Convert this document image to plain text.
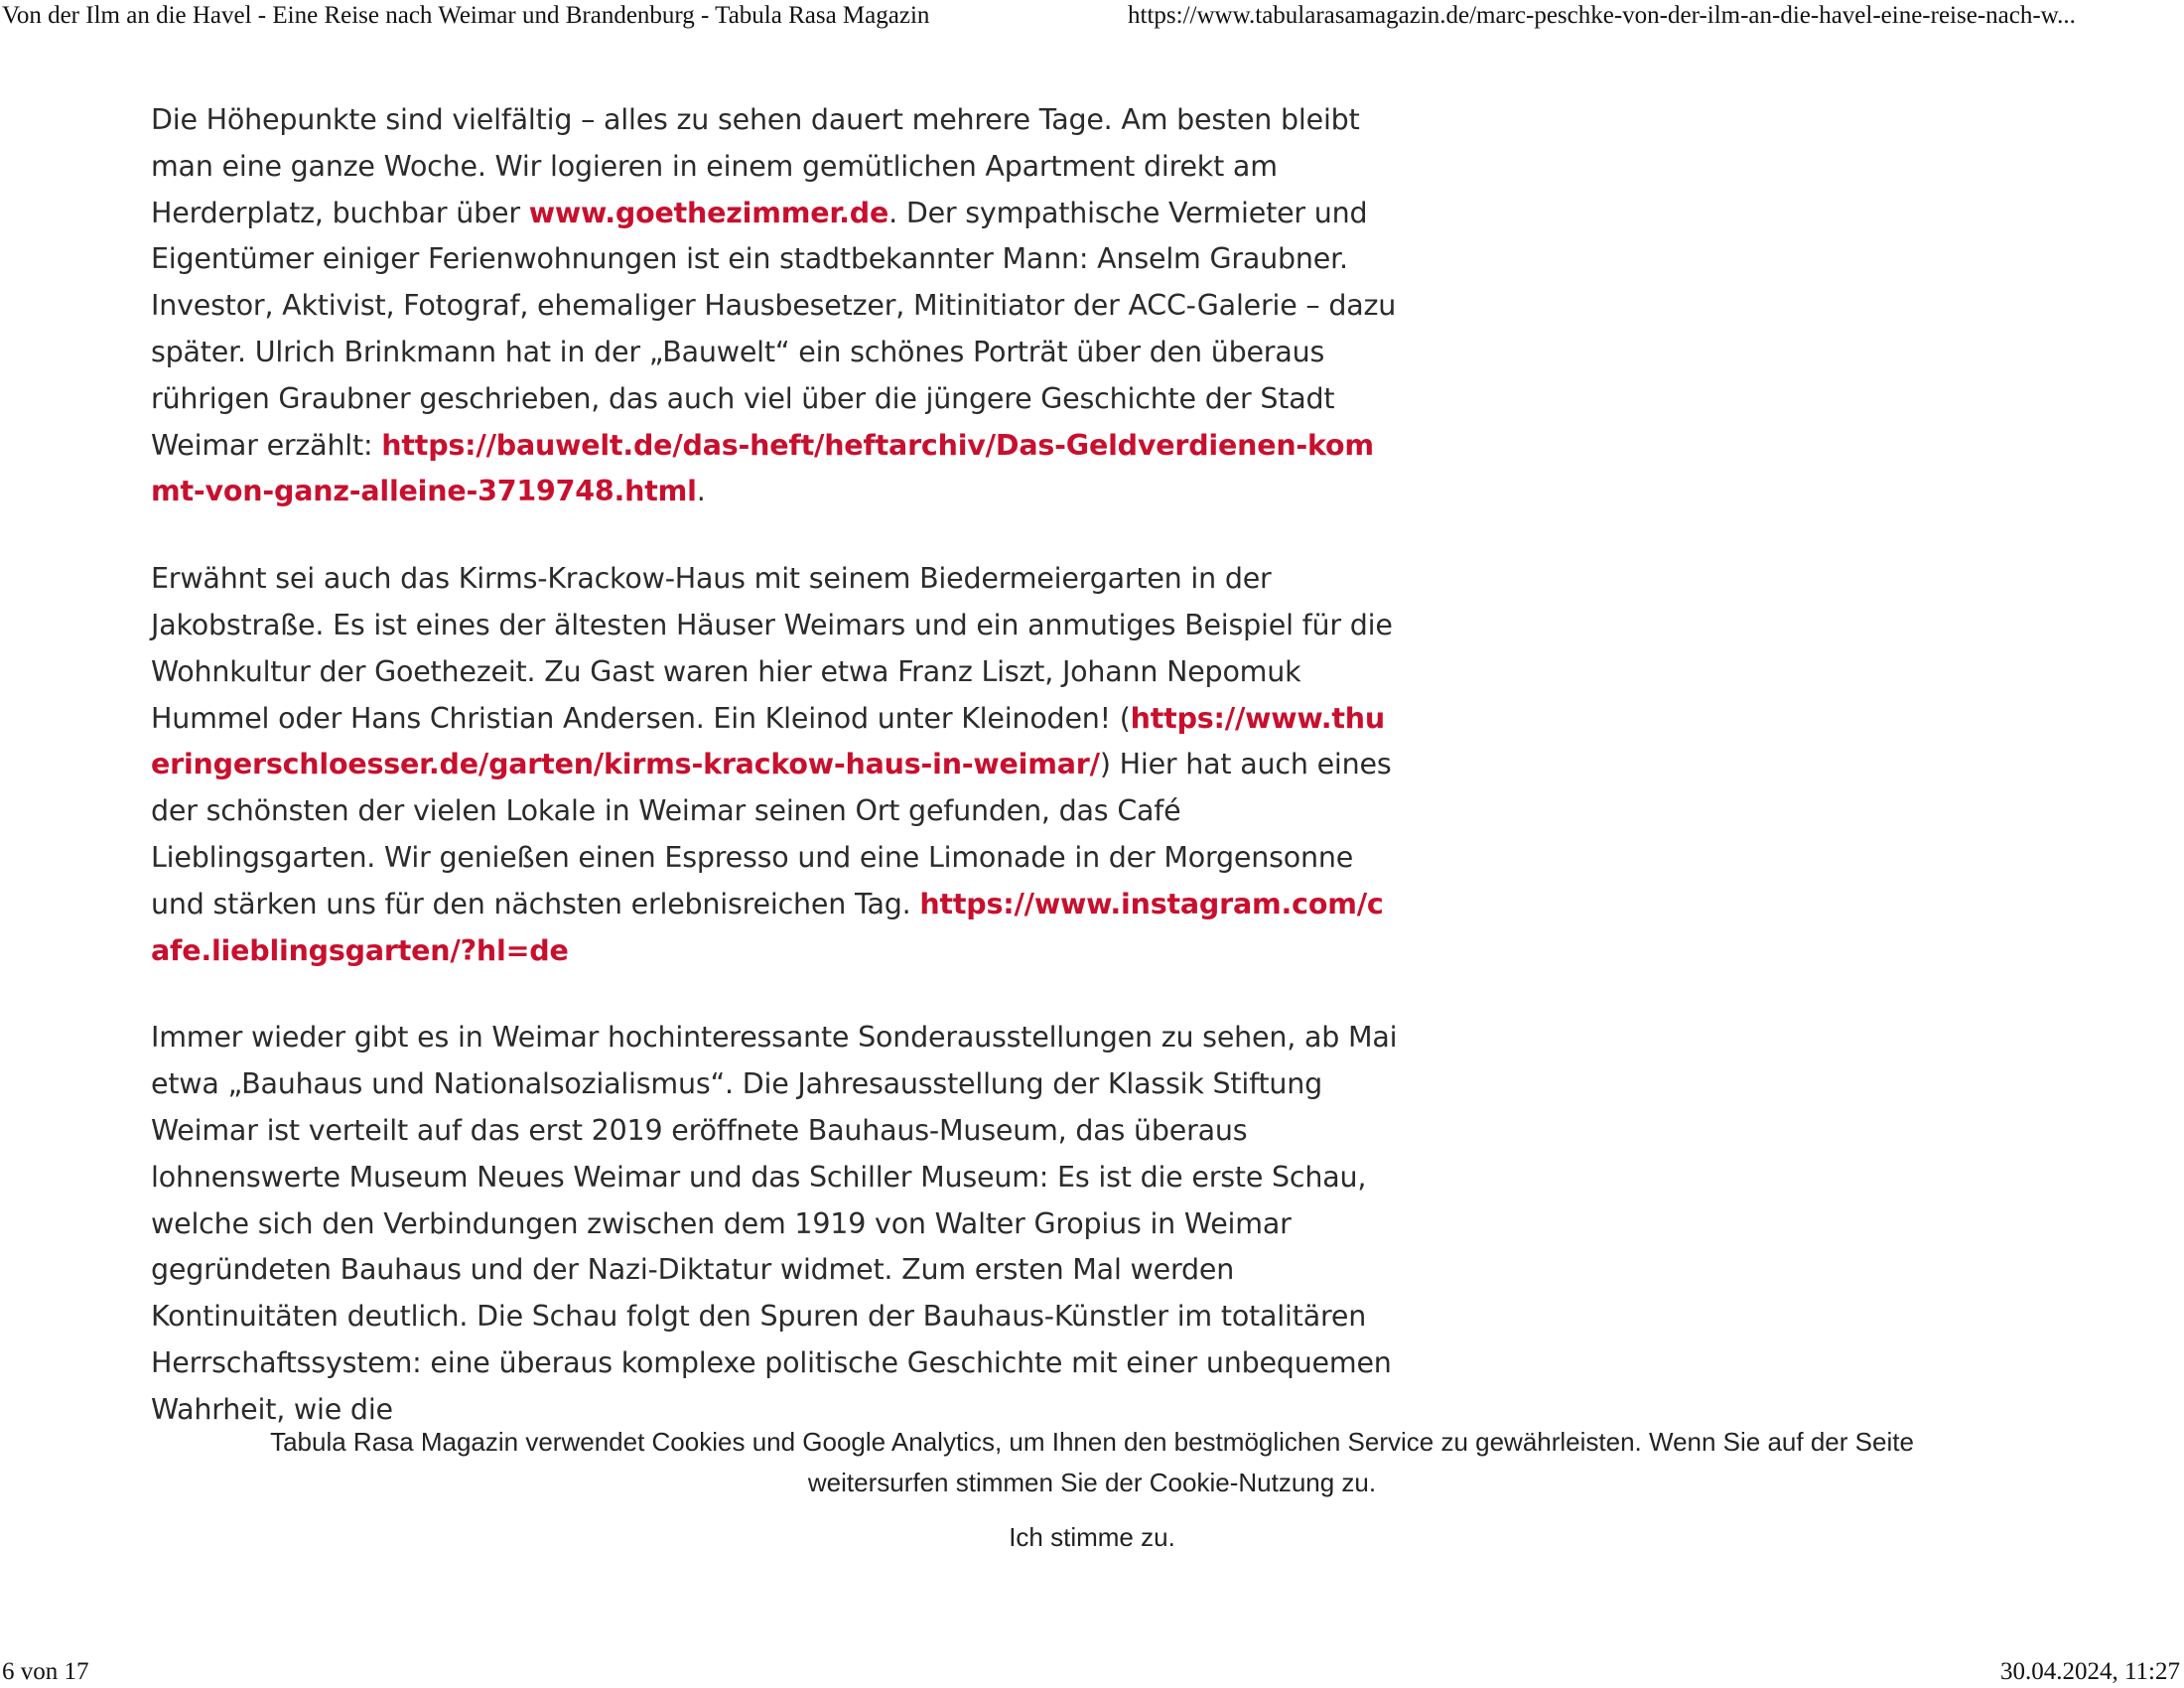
Von der Ilm an die Havel - Eine Reise nach Weimar und Brandenburg - Tabula Rasa Magazin	https://www.tabularasamagazin.de/marc-peschke-von-der-ilm-an-die-havel-eine-reise-nach-w...

Die Höhepunkte sind vielfältig – alles zu sehen dauert mehrere Tage. Am besten bleibt man eine ganze Woche. Wir logieren in einem gemütlichen Apartment direkt am Herderplatz, buchbar über www.goethezimmer.de. Der sympathische Vermieter und Eigentümer einiger Ferienwohnungen ist ein stadtbekannter Mann: Anselm Graubner. Investor, Aktivist, Fotograf, ehemaliger Hausbesetzer, Mitinitiator der ACC-Galerie – dazu später. Ulrich Brinkmann hat in der „Bauwelt“ ein schönes Porträt über den überaus rührigen Graubner geschrieben, das auch viel über die jüngere Geschichte der Stadt Weimar erzählt: https://bauwelt.de/das-heft/heftarchiv/Das-Geldverdienen-kommt-von-ganz-alleine-3719748.html.

Erwähnt sei auch das Kirms-Krackow-Haus mit seinem Biedermeiergarten in der Jakobstraße. Es ist eines der ältesten Häuser Weimars und ein anmutiges Beispiel für die Wohnkultur der Goethezeit. Zu Gast waren hier etwa Franz Liszt, Johann Nepomuk Hummel oder Hans Christian Andersen. Ein Kleinod unter Kleinoden! (https://www.thueringerschloesser.de/garten/kirms-krackow-haus-in-weimar/) Hier hat auch eines der schönsten der vielen Lokale in Weimar seinen Ort gefunden, das Café Lieblingsgarten. Wir genießen einen Espresso und eine Limonade in der Morgensonne und stärken uns für den nächsten erlebnisreichen Tag. https://www.instagram.com/cafe.lieblingsgarten/?hl=de

Immer wieder gibt es in Weimar hochinteressante Sonderausstellungen zu sehen, ab Mai etwa „Bauhaus und Nationalsozialismus“. Die Jahresausstellung der Klassik Stiftung Weimar ist verteilt auf das erst 2019 eröffnete Bauhaus-Museum, das überaus lohnenswerte Museum Neues Weimar und das Schiller Museum: Es ist die erste Schau, welche sich den Verbindungen zwischen dem 1919 von Walter Gropius in Weimar gegründeten Bauhaus und der Nazi-Diktatur widmet. Zum ersten Mal werden Kontinuitäten deutlich. Die Schau folgt den Spuren der Bauhaus-Künstler im totalitären Herrschaftssystem: eine überaus komplexe politische Geschichte mit einer unbequemen Wahrheit, wie die

Tabula Rasa Magazin verwendet Cookies und Google Analytics, um Ihnen den bestmöglichen Service zu gewährleisten. Wenn Sie auf der Seite weitersurfen stimmen Sie der Cookie-Nutzung zu.
Ich stimme zu.
6 von 17	30.04.2024, 11:27
